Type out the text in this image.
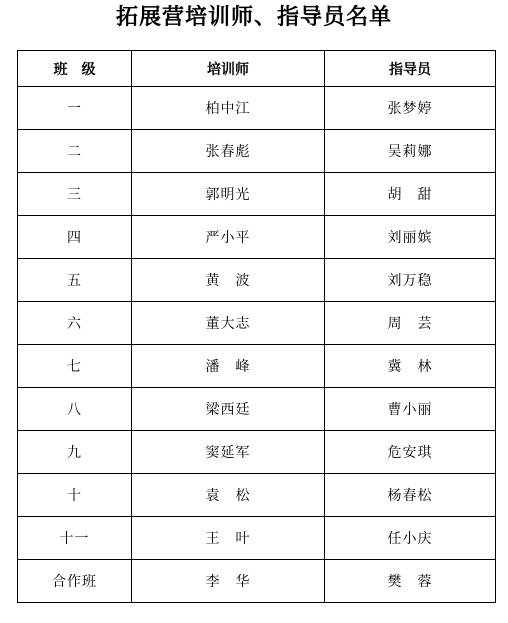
拓展营培训师、指导员名单
班　级	培训师	指导员
一	柏中江	张梦婷
二	张春彪	吴莉娜
三	郭明光	胡　甜
四	严小平	刘丽嫔
五	黄　波	刘万稳
六	董大志	周　芸
七	潘　峰	冀　林
八	梁西廷	曹小丽
九	窦延军	危安琪
十	袁　松	杨春松
十一	王　叶	任小庆
合作班	李　华	樊　蓉
